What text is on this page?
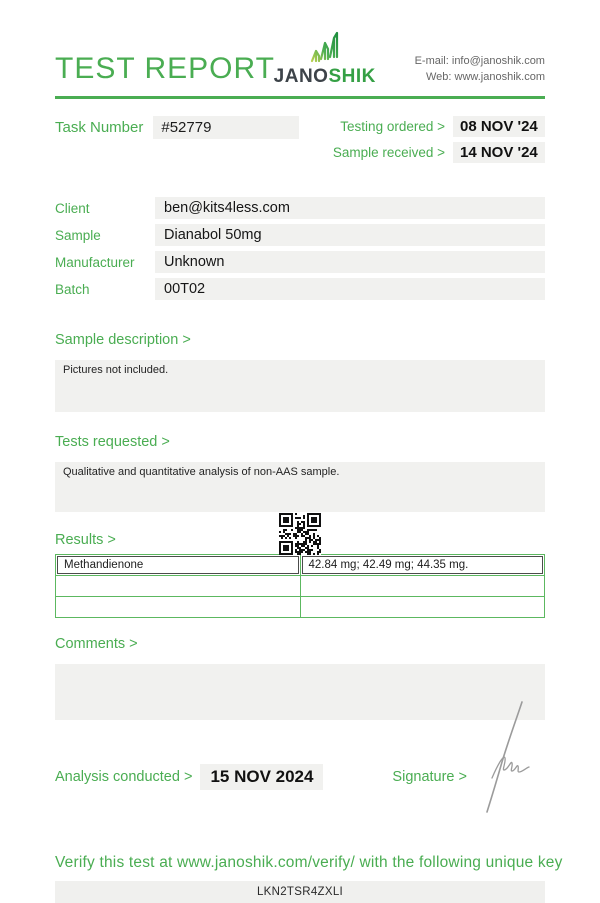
TEST REPORT
JANOSHIK
E-mail: info@janoshik.com
Web: www.janoshik.com
Task Number	#52779	Testing ordered >	08 NOV '24
Sample received >	14 NOV '24
Client	ben@kits4less.com
Sample	Dianabol 50mg
Manufacturer	Unknown
Batch	00T02
Sample description >
Pictures not included.
Tests requested >
Qualitative and quantitative analysis of non-AAS sample.
Results >
Methandienone	42.84 mg; 42.49 mg; 44.35 mg.

Comments >
Analysis conducted >	15 NOV 2024	Signature >
Verify this test at www.janoshik.com/verify/ with the following unique key
LKN2TSR4ZXLI
